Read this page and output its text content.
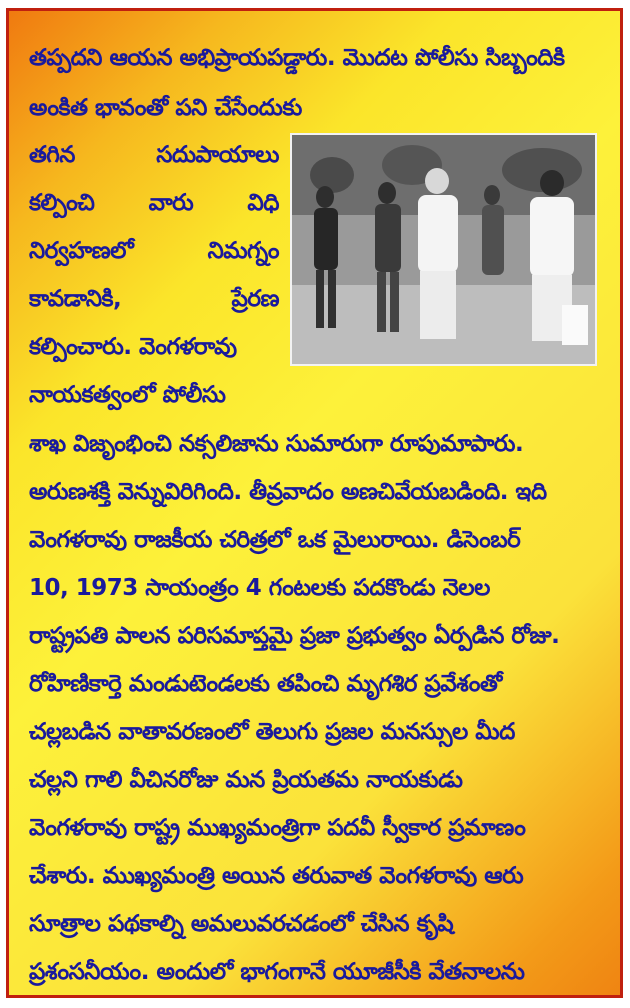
తప్పదని ఆయన అభిప్రాయపడ్డారు. మొదట పోలీసు సిబ్బందికి
అంకిత భావంతో పని చేసేందుకు
తగిన	సదుపాయాలు
కల్పించి వారు విధి
నిర్వహణలో	నిమగ్నం
కావడానికి,	ప్రేరణ
కల్పించారు. వెంగళరావు
నాయకత్వంలో పోలీసు
శాఖ విజృంభించి నక్సలిజాను సుమారుగా రూపుమాపారు.
అరుణశక్తి వెన్నువిరిగింది. తీవ్రవాదం అణచివేయబడింది. ఇది
వెంగళరావు రాజకీయ చరిత్రలో ఒక మైలురాయి. డిసెంబర్
10, 1973 సాయంత్రం 4 గంటలకు పదకొండు నెలల
రాష్ట్రపతి పాలన పరిసమాప్తమై ప్రజా ప్రభుత్వం ఏర్పడిన రోజు.
రోహిణికార్తె మండుటెండలకు తపించి మృగశిర ప్రవేశంతో
చల్లబడిన వాతావరణంలో తెలుగు ప్రజల మనస్సుల మీద
చల్లని గాలి వీచినరోజు మన ప్రియతమ నాయకుడు
వెంగళరావు రాష్ట్ర ముఖ్యమంత్రిగా పదవీ స్వీకార ప్రమాణం
చేశారు. ముఖ్యమంత్రి అయిన తరువాత వెంగళరావు ఆరు
సూత్రాల పథకాల్ని అమలువరచడంలో చేసిన కృషి
ప్రశంసనీయం. అందులో భాగంగానే యూజీసీకి వేతనాలను
